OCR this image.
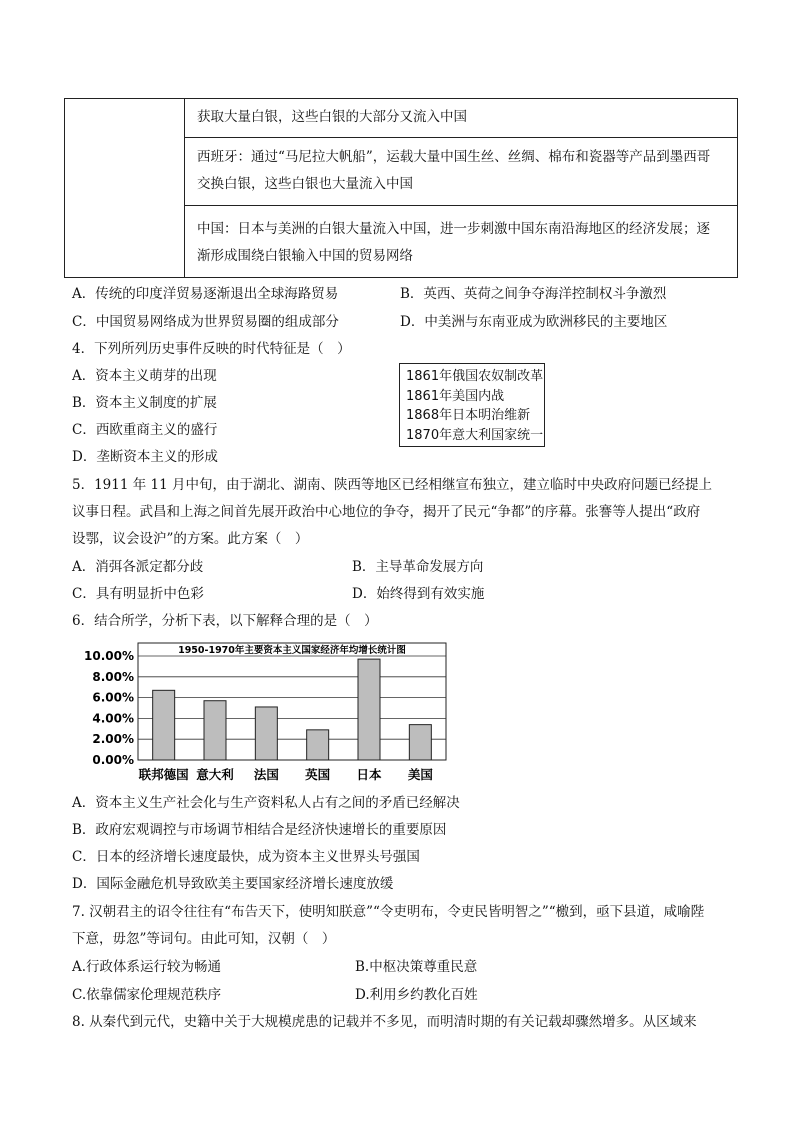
获取大量白银，这些白银的大部分又流入中国
西班牙：通过“马尼拉大帆船”，运载大量中国生丝、丝绸、棉布和瓷器等产品到墨西哥
交换白银，这些白银也大量流入中国
中国：日本与美洲的白银大量流入中国，进一步刺激中国东南沿海地区的经济发展；逐
渐形成围绕白银输入中国的贸易网络
A．传统的印度洋贸易逐渐退出全球海路贸易	B．英西、英荷之间争夺海洋控制权斗争激烈
C．中国贸易网络成为世界贸易圈的组成部分	D．中美洲与东南亚成为欧洲移民的主要地区
4．下列所列历史事件反映的时代特征是（　）
A．资本主义萌芽的出现
B．资本主义制度的扩展
C．西欧重商主义的盛行
D．垄断资本主义的形成
1861年俄国农奴制改革
1861年美国内战
1868年日本明治维新
1870年意大利国家统一
5．1911 年 11 月中旬，由于湖北、湖南、陕西等地区已经相继宣布独立，建立临时中央政府问题已经提上
议事日程。武昌和上海之间首先展开政治中心地位的争夺，揭开了民元“争都”的序幕。张謇等人提出“政府
设鄂，议会设沪”的方案。此方案（　）
A．消弭各派定都分歧	B．主导革命发展方向
C．具有明显折中色彩	D．始终得到有效实施
6．结合所学，分析下表，以下解释合理的是（　）
1950-1970年主要资本主义国家经济年均增长统计图
0.00%
2.00%
4.00%
6.00%
8.00%
10.00%
联邦德国 意大利 法国 英国 日本 美国
A．资本主义生产社会化与生产资料私人占有之间的矛盾已经解决
B．政府宏观调控与市场调节相结合是经济快速增长的重要原因
C．日本的经济增长速度最快，成为资本主义世界头号强国
D．国际金融危机导致欧美主要国家经济增长速度放缓
7. 汉朝君主的诏令往往有“布告天下，使明知朕意”“令吏明布，令吏民皆明智之”“檄到，亟下县道，咸喻陛
下意，毋忽”等词句。由此可知，汉朝（　）
A.行政体系运行较为畅通	B.中枢决策尊重民意
C.依靠儒家伦理规范秩序	D.利用乡约教化百姓
8. 从秦代到元代，史籍中关于大规模虎患的记载并不多见，而明清时期的有关记载却骤然增多。从区域来
